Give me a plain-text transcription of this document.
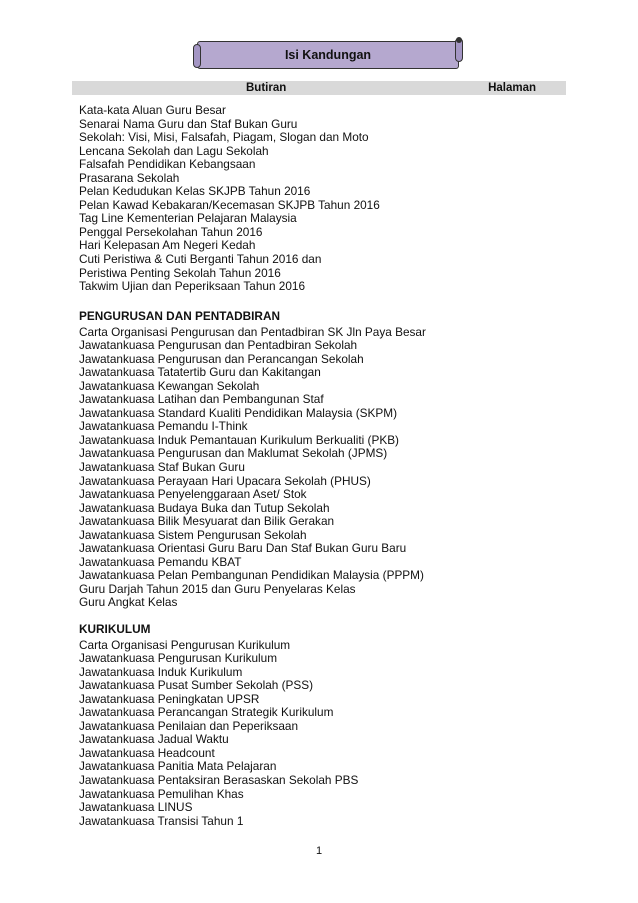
Isi Kandungan
Butiran	Halaman
Kata-kata Aluan Guru Besar
Senarai Nama Guru dan Staf Bukan Guru
Sekolah: Visi, Misi, Falsafah, Piagam, Slogan dan Moto
Lencana Sekolah dan Lagu Sekolah
Falsafah Pendidikan Kebangsaan
Prasarana Sekolah
Pelan Kedudukan Kelas SKJPB Tahun 2016
Pelan Kawad Kebakaran/Kecemasan SKJPB Tahun 2016
Tag Line Kementerian Pelajaran Malaysia
Penggal Persekolahan Tahun 2016
Hari Kelepasan Am Negeri Kedah
Cuti Peristiwa & Cuti Berganti Tahun 2016 dan
Peristiwa Penting Sekolah Tahun 2016
Takwim Ujian dan Peperiksaan Tahun 2016
PENGURUSAN DAN PENTADBIRAN
Carta Organisasi Pengurusan dan Pentadbiran SK Jln Paya Besar
Jawatankuasa Pengurusan dan Pentadbiran Sekolah
Jawatankuasa Pengurusan dan Perancangan Sekolah
Jawatankuasa Tatatertib Guru dan Kakitangan
Jawatankuasa Kewangan Sekolah
Jawatankuasa Latihan dan Pembangunan Staf
Jawatankuasa Standard Kualiti Pendidikan Malaysia (SKPM)
Jawatankuasa Pemandu I-Think
Jawatankuasa Induk Pemantauan Kurikulum Berkualiti (PKB)
Jawatankuasa Pengurusan dan Maklumat Sekolah (JPMS)
Jawatankuasa Staf Bukan Guru
Jawatankuasa Perayaan Hari Upacara Sekolah (PHUS)
Jawatankuasa Penyelenggaraan Aset/ Stok
Jawatankuasa Budaya Buka dan Tutup Sekolah
Jawatankuasa Bilik Mesyuarat dan Bilik Gerakan
Jawatankuasa Sistem Pengurusan Sekolah
Jawatankuasa Orientasi Guru Baru Dan Staf Bukan Guru Baru
Jawatankuasa Pemandu KBAT
Jawatankuasa Pelan Pembangunan Pendidikan Malaysia (PPPM)
Guru Darjah Tahun 2015 dan Guru Penyelaras Kelas
Guru Angkat Kelas
KURIKULUM
Carta Organisasi Pengurusan Kurikulum
Jawatankuasa Pengurusan Kurikulum
Jawatankuasa Induk Kurikulum
Jawatankuasa Pusat Sumber Sekolah (PSS)
Jawatankuasa Peningkatan UPSR
Jawatankuasa Perancangan Strategik Kurikulum
Jawatankuasa Penilaian dan Peperiksaan
Jawatankuasa Jadual Waktu
Jawatankuasa Headcount
Jawatankuasa Panitia Mata Pelajaran
Jawatankuasa Pentaksiran Berasaskan Sekolah PBS
Jawatankuasa Pemulihan Khas
Jawatankuasa LINUS
Jawatankuasa Transisi Tahun 1
1
